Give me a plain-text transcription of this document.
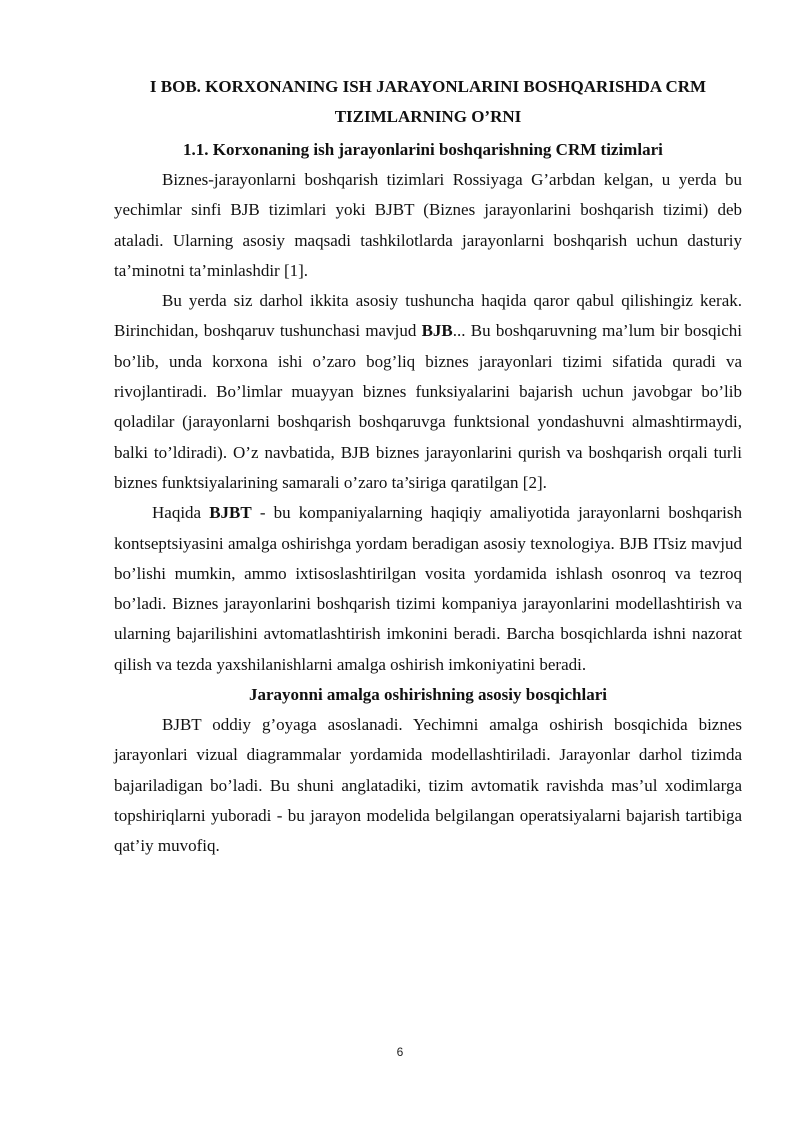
I BOB. KORXONANING ISH JARAYONLARINI BOSHQARISHDA CRM
TIZIMLARNING O’RNI
1.1. Korxonaning ish jarayonlarini boshqarishning CRM tizimlari

Biznes-jarayonlarni boshqarish tizimlari Rossiyaga G’arbdan kelgan, u yerda bu yechimlar sinfi BJB tizimlari yoki BJBT (Biznes jarayonlarini boshqarish tizimi) deb ataladi. Ularning asosiy maqsadi tashkilotlarda jarayonlarni boshqarish uchun dasturiy ta’minotni ta’minlashdir [1].

Bu yerda siz darhol ikkita asosiy tushuncha haqida qaror qabul qilishingiz kerak. Birinchidan, boshqaruv tushunchasi mavjud BJB... Bu boshqaruvning ma’lum bir bosqichi bo’lib, unda korxona ishi o’zaro bog’liq biznes jarayonlari tizimi sifatida quradi va rivojlantiradi. Bo’limlar muayyan biznes funksiyalarini bajarish uchun javobgar bo’lib qoladilar (jarayonlarni boshqarish boshqaruvga funktsional yondashuvni almashtirmaydi, balki to’ldiradi). O’z navbatida, BJB biznes jarayonlarini qurish va boshqarish orqali turli biznes funktsiyalarining samarali o’zaro ta’siriga qaratilgan [2].

Haqida BJBT - bu kompaniyalarning haqiqiy amaliyotida jarayonlarni boshqarish kontseptsiyasini amalga oshirishga yordam beradigan asosiy texnologiya. BJB ITsiz mavjud bo’lishi mumkin, ammo ixtisoslashtirilgan vosita yordamida ishlash osonroq va tezroq bo’ladi. Biznes jarayonlarini boshqarish tizimi kompaniya jarayonlarini modellashtirish va ularning bajarilishini avtomatlashtirish imkonini beradi. Barcha bosqichlarda ishni nazorat qilish va tezda yaxshilanishlarni amalga oshirish imkoniyatini beradi.

Jarayonni amalga oshirishning asosiy bosqichlari

BJBT oddiy g’oyaga asoslanadi. Yechimni amalga oshirish bosqichida biznes jarayonlari vizual diagrammalar yordamida modellashtiriladi. Jarayonlar darhol tizimda bajariladigan bo’ladi. Bu shuni anglatadiki, tizim avtomatik ravishda mas’ul xodimlarga topshiriqlarni yuboradi - bu jarayon modelida belgilangan operatsiyalarni bajarish tartibiga qat’iy muvofiq.

6
